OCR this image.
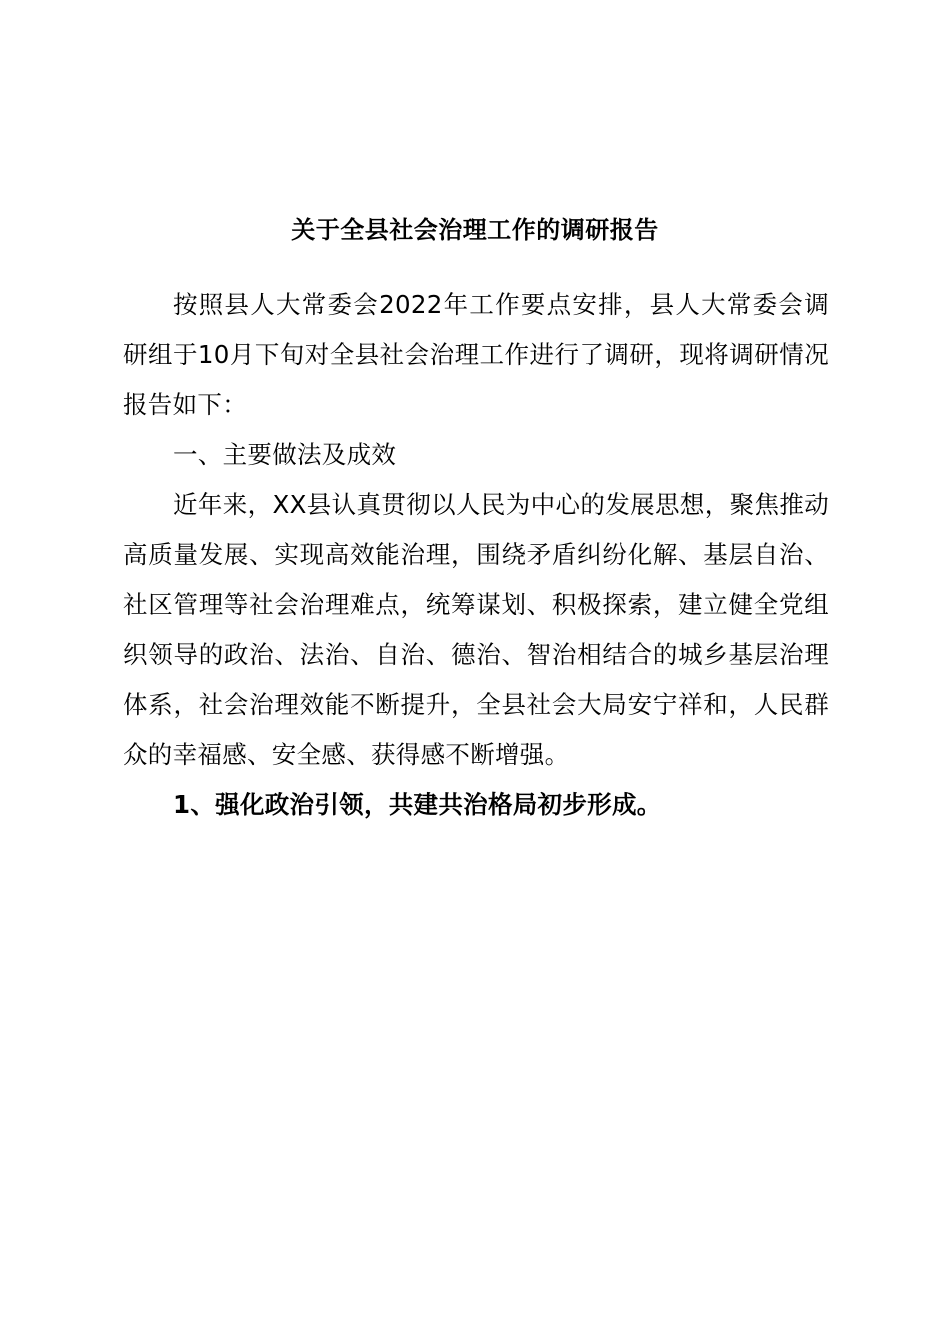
关于全县社会治理工作的调研报告
按照县人大常委会2022年工作要点安排，县人大常委会调研组于10月下旬对全县社会治理工作进行了调研，现将调研情况报告如下：
一、主要做法及成效
近年来，XX县认真贯彻以人民为中心的发展思想，聚焦推动高质量发展、实现高效能治理，围绕矛盾纠纷化解、基层自治、社区管理等社会治理难点，统筹谋划、积极探索，建立健全党组织领导的政治、法治、自治、德治、智治相结合的城乡基层治理体系，社会治理效能不断提升，全县社会大局安宁祥和，人民群众的幸福感、安全感、获得感不断增强。
1、强化政治引领，共建共治格局初步形成。
